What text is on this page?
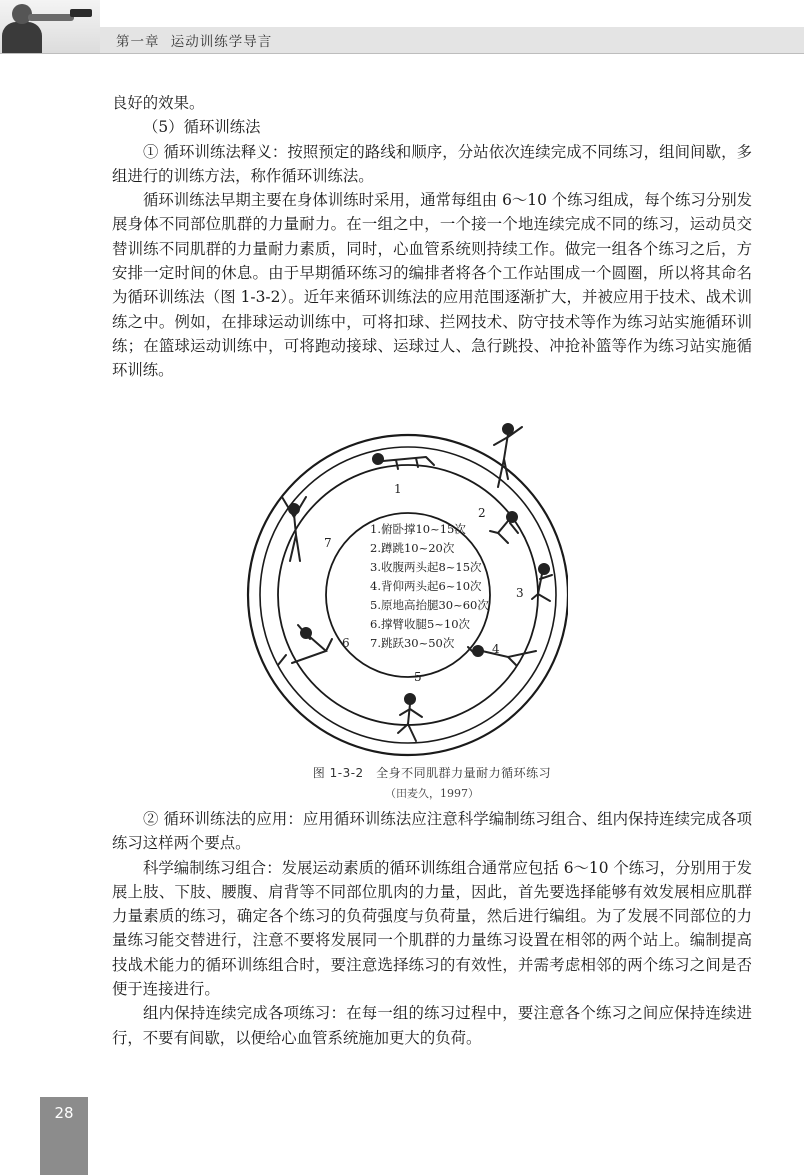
第一章 运动训练学导言

良好的效果。

（5）循环训练法

① 循环训练法释义：按照预定的路线和顺序，分站依次连续完成不同练习，组间间歇，多组进行的训练方法，称作循环训练法。

循环训练法早期主要在身体训练时采用，通常每组由 6～10 个练习组成，每个练习分别发展身体不同部位肌群的力量耐力。在一组之中，一个接一个地连续完成不同的练习，运动员交替训练不同肌群的力量耐力素质，同时，心血管系统则持续工作。做完一组各个练习之后，方安排一定时间的休息。由于早期循环练习的编排者将各个工作站围成一个圆圈，所以将其命名为循环训练法（图 1-3-2）。近年来循环训练法的应用范围逐渐扩大，并被应用于技术、战术训练之中。例如，在排球运动训练中，可将扣球、拦网技术、防守技术等作为练习站实施循环训练；在篮球运动训练中，可将跑动接球、运球过人、急行跳投、冲抢补篮等作为练习站实施循环训练。

1
2
3
4
5
6
7
1.俯卧撑10~15次
2.蹲跳10~20次
3.收腹两头起8~15次
4.背仰两头起6~10次
5.原地高抬腿30~60次
6.撑臂收腿5~10次
7.跳跃30~50次
图 1-3-2　全身不同肌群力量耐力循环练习
（田麦久，1997）

② 循环训练法的应用：应用循环训练法应注意科学编制练习组合、组内保持连续完成各项练习这样两个要点。

科学编制练习组合：发展运动素质的循环训练组合通常应包括 6～10 个练习，分别用于发展上肢、下肢、腰腹、肩背等不同部位肌肉的力量，因此，首先要选择能够有效发展相应肌群力量素质的练习，确定各个练习的负荷强度与负荷量，然后进行编组。为了发展不同部位的力量练习能交替进行，注意不要将发展同一个肌群的力量练习设置在相邻的两个站上。编制提高技战术能力的循环训练组合时，要注意选择练习的有效性，并需考虑相邻的两个练习之间是否便于连接进行。

组内保持连续完成各项练习：在每一组的练习过程中，要注意各个练习之间应保持连续进行，不要有间歇，以便给心血管系统施加更大的负荷。

28
